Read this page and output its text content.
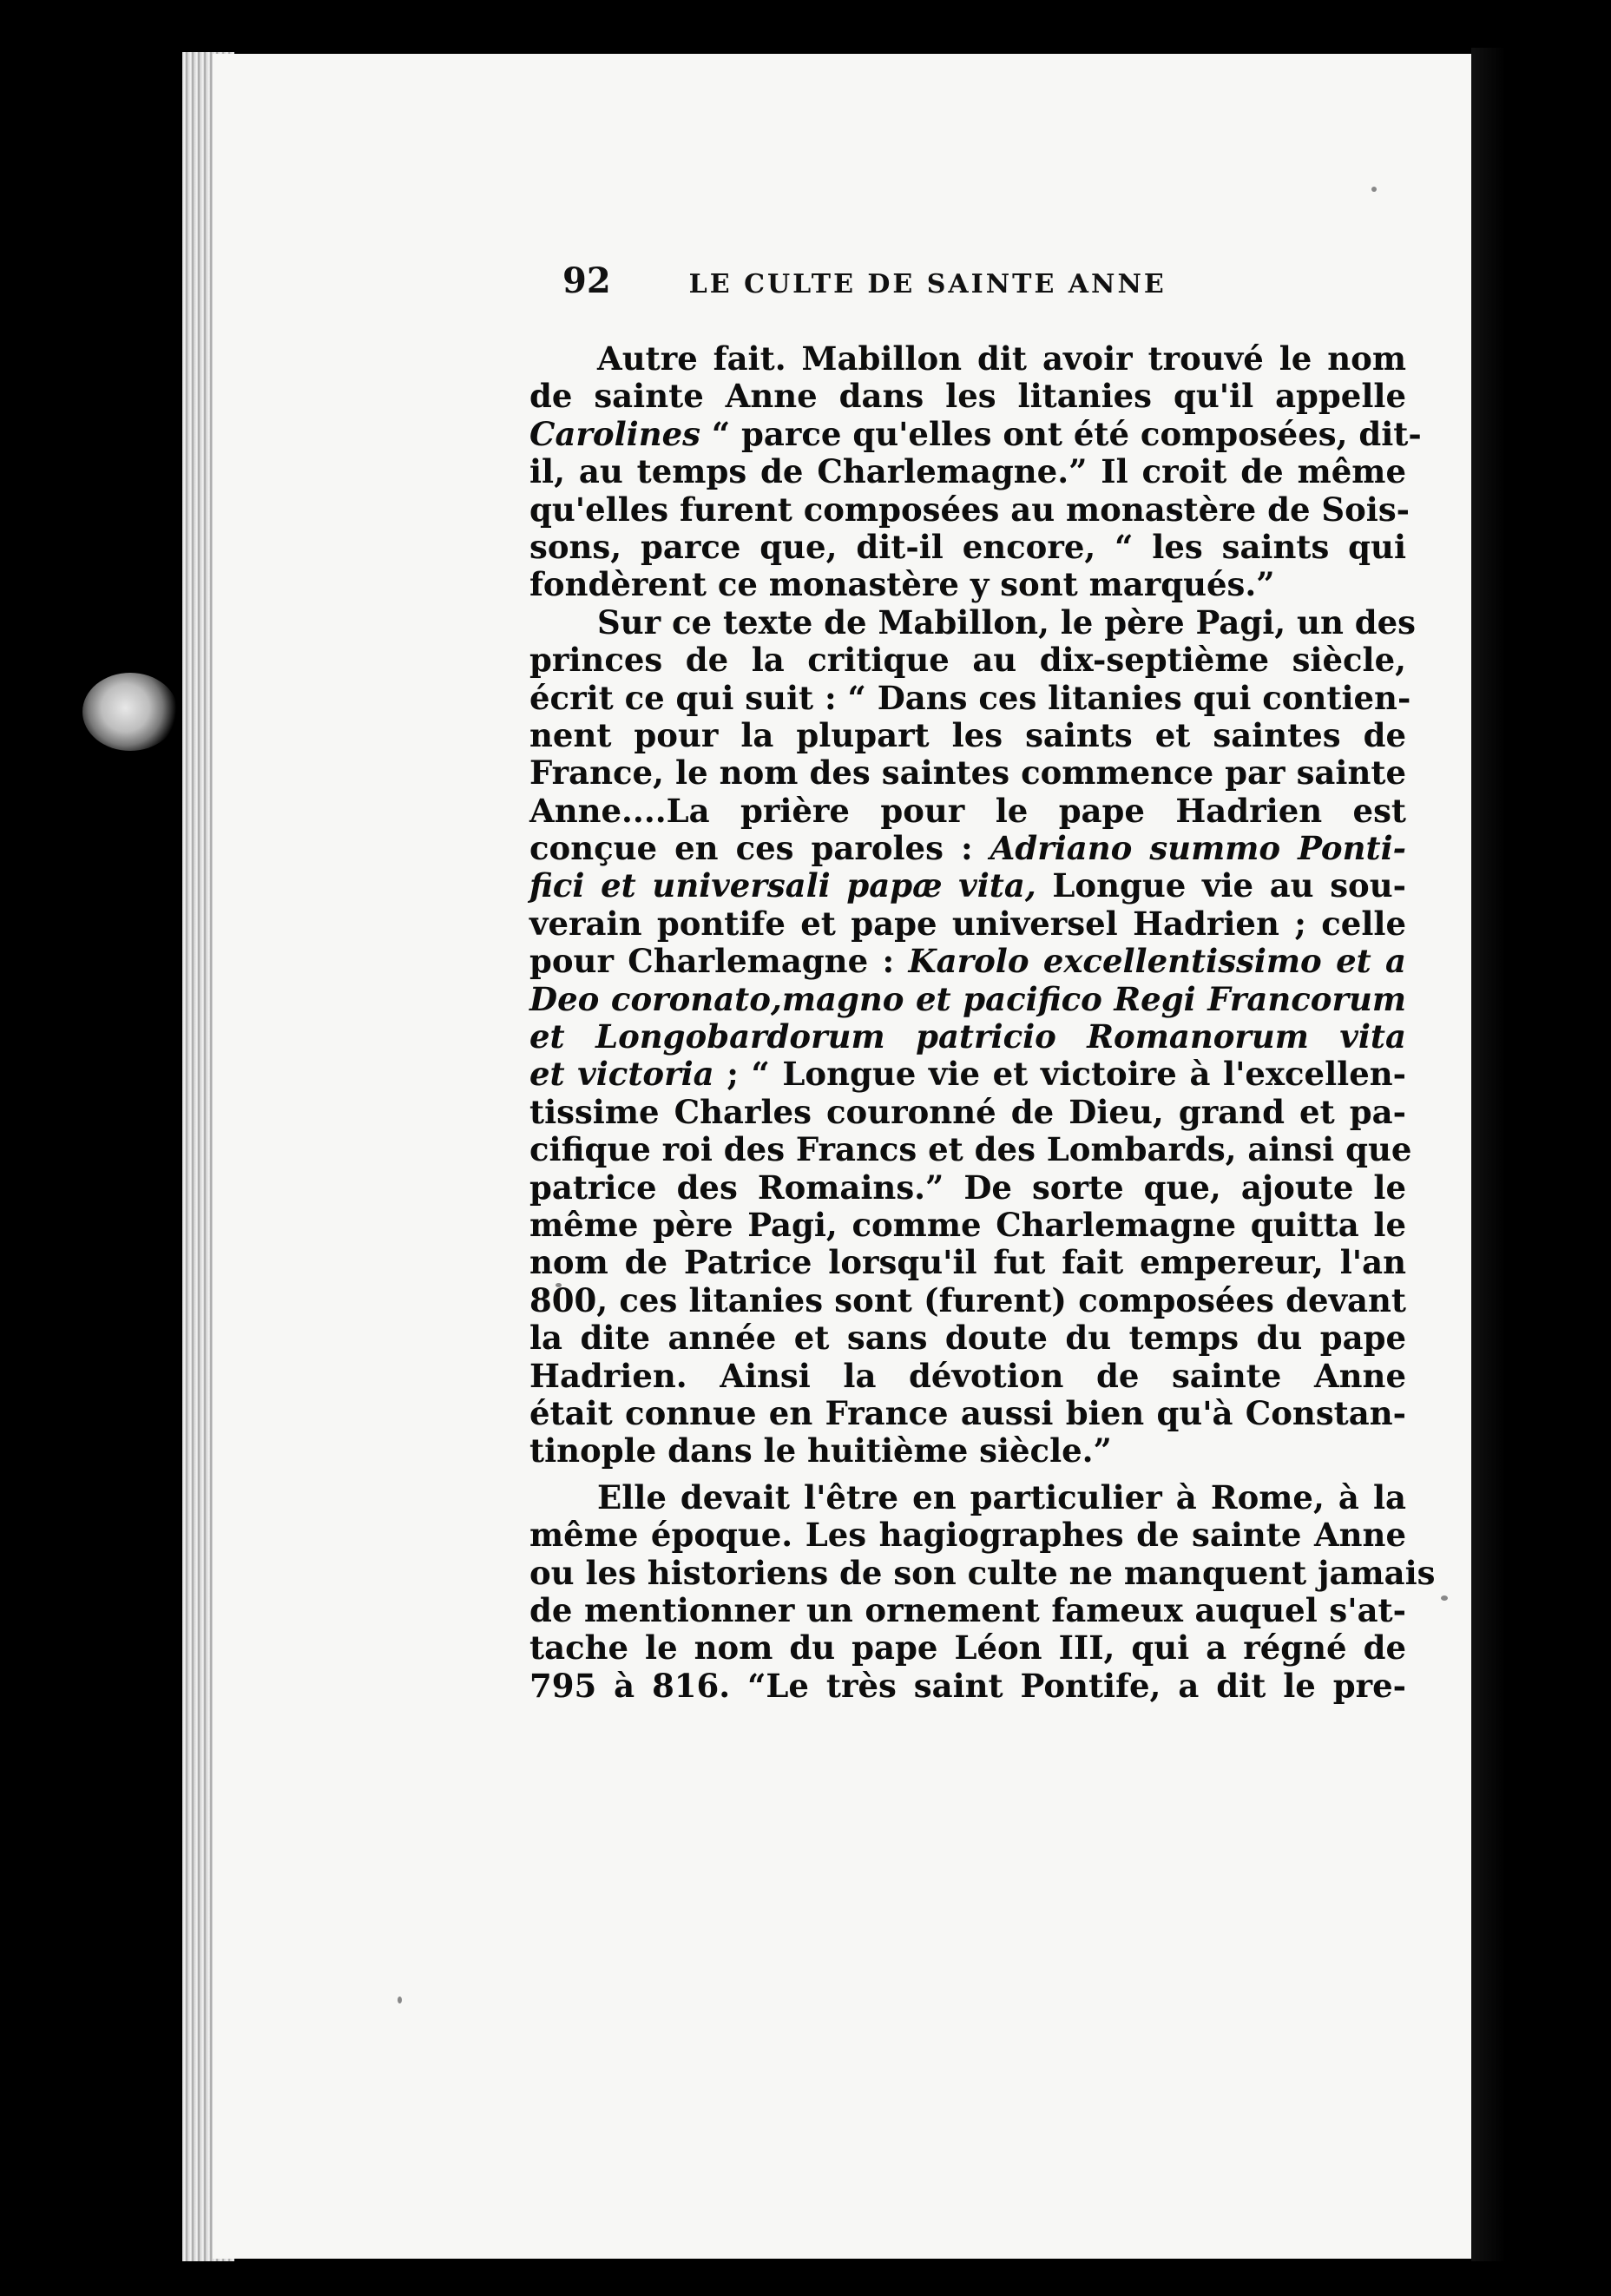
92	LE CULTE DE SAINTE ANNE
Autre fait. Mabillon dit avoir trouvé le nom
de sainte Anne dans les litanies qu'il appelle
Carolines “ parce qu'elles ont été composées, dit-
il, au temps de Charlemagne.” Il croit de même
qu'elles furent composées au monastère de Sois-
sons, parce que, dit-il encore, “ les saints qui
fondèrent ce monastère y sont marqués.”
Sur ce texte de Mabillon, le père Pagi, un des
princes de la critique au dix-septième siècle,
écrit ce qui suit : “ Dans ces litanies qui contien-
nent pour la plupart les saints et saintes de
France, le nom des saintes commence par sainte
Anne....La prière pour le pape Hadrien est
conçue en ces paroles : Adriano summo Ponti-
fici et universali papæ vita, Longue vie au sou-
verain pontife et pape universel Hadrien ; celle
pour Charlemagne : Karolo excellentissimo et a
Deo coronato,magno et pacifico Regi Francorum
et Longobardorum patricio Romanorum vita
et victoria ; “ Longue vie et victoire à l'excellen-
tissime Charles couronné de Dieu, grand et pa-
cifique roi des Francs et des Lombards, ainsi que
patrice des Romains.” De sorte que, ajoute le
même père Pagi, comme Charlemagne quitta le
nom de Patrice lorsqu'il fut fait empereur, l'an
800, ces litanies sont (furent) composées devant
la dite année et sans doute du temps du pape
Hadrien. Ainsi la dévotion de sainte Anne
était connue en France aussi bien qu'à Constan-
tinople dans le huitième siècle.”
Elle devait l'être en particulier à Rome, à la
même époque. Les hagiographes de sainte Anne
ou les historiens de son culte ne manquent jamais
de mentionner un ornement fameux auquel s'at-
tache le nom du pape Léon III, qui a régné de
795 à 816. “Le très saint Pontife, a dit le pre-
